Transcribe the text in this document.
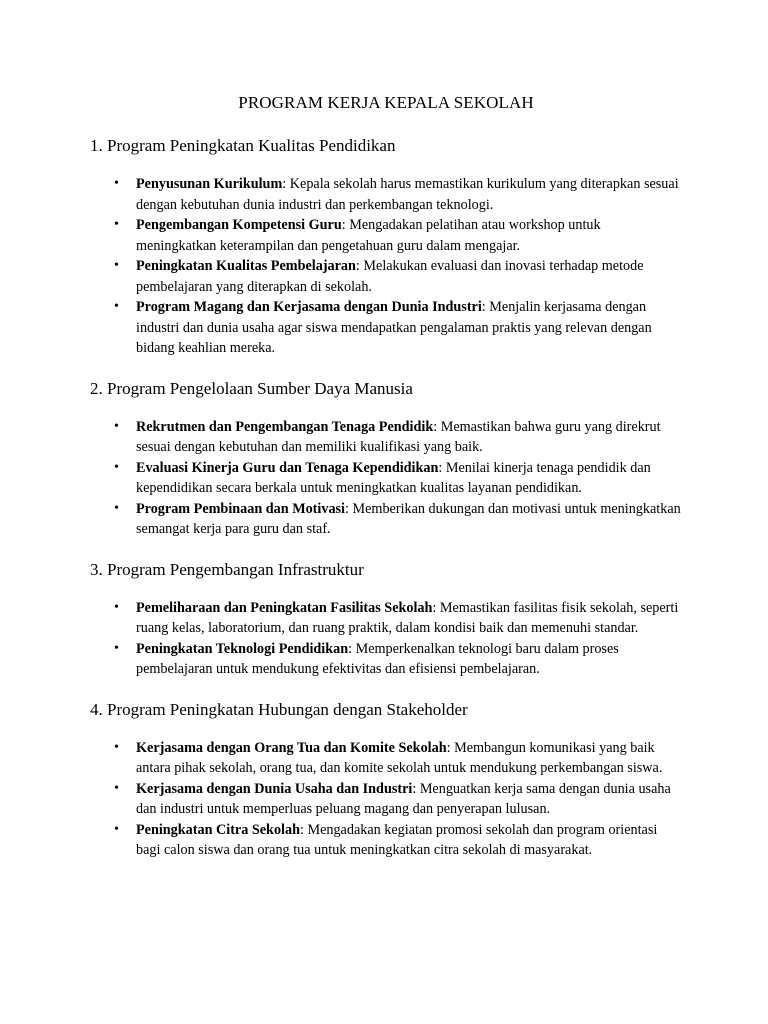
PROGRAM KERJA KEPALA SEKOLAH
1. Program Peningkatan Kualitas Pendidikan
• Penyusunan Kurikulum: Kepala sekolah harus memastikan kurikulum yang diterapkan sesuai dengan kebutuhan dunia industri dan perkembangan teknologi.
• Pengembangan Kompetensi Guru: Mengadakan pelatihan atau workshop untuk meningkatkan keterampilan dan pengetahuan guru dalam mengajar.
• Peningkatan Kualitas Pembelajaran: Melakukan evaluasi dan inovasi terhadap metode pembelajaran yang diterapkan di sekolah.
• Program Magang dan Kerjasama dengan Dunia Industri: Menjalin kerjasama dengan industri dan dunia usaha agar siswa mendapatkan pengalaman praktis yang relevan dengan bidang keahlian mereka.
2. Program Pengelolaan Sumber Daya Manusia
• Rekrutmen dan Pengembangan Tenaga Pendidik: Memastikan bahwa guru yang direkrut sesuai dengan kebutuhan dan memiliki kualifikasi yang baik.
• Evaluasi Kinerja Guru dan Tenaga Kependidikan: Menilai kinerja tenaga pendidik dan kependidikan secara berkala untuk meningkatkan kualitas layanan pendidikan.
• Program Pembinaan dan Motivasi: Memberikan dukungan dan motivasi untuk meningkatkan semangat kerja para guru dan staf.
3. Program Pengembangan Infrastruktur
• Pemeliharaan dan Peningkatan Fasilitas Sekolah: Memastikan fasilitas fisik sekolah, seperti ruang kelas, laboratorium, dan ruang praktik, dalam kondisi baik dan memenuhi standar.
• Peningkatan Teknologi Pendidikan: Memperkenalkan teknologi baru dalam proses pembelajaran untuk mendukung efektivitas dan efisiensi pembelajaran.
4. Program Peningkatan Hubungan dengan Stakeholder
• Kerjasama dengan Orang Tua dan Komite Sekolah: Membangun komunikasi yang baik antara pihak sekolah, orang tua, dan komite sekolah untuk mendukung perkembangan siswa.
• Kerjasama dengan Dunia Usaha dan Industri: Menguatkan kerja sama dengan dunia usaha dan industri untuk memperluas peluang magang dan penyerapan lulusan.
• Peningkatan Citra Sekolah: Mengadakan kegiatan promosi sekolah dan program orientasi bagi calon siswa dan orang tua untuk meningkatkan citra sekolah di masyarakat.
